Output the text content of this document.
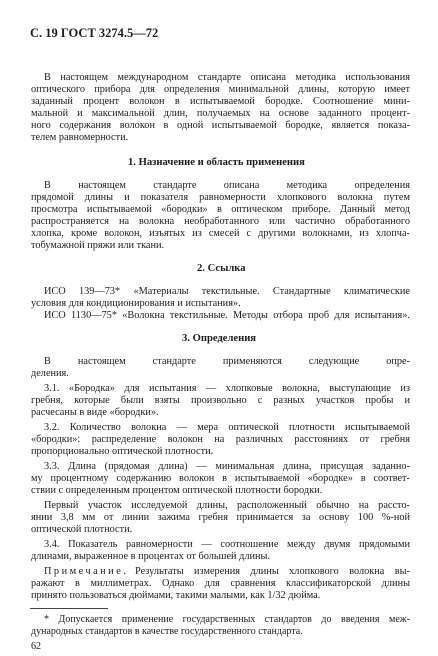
С. 19 ГОСТ 3274.5—72

В настоящем международном стандарте описана методика использования

оптического прибора для определения минимальной длины, которую имеет

заданный процент волокон в испытываемой бородке. Соотношение мини-

мальной и максимальной длин, получаемых на основе заданного процент-

ного содержания волокон в одной испытываемой бородке, является показа-

телем равномерности.

1. Назначение и область применения

В настоящем стандарте описана методика определения

прядомой длины и показателя равномерности хлопкового волокна путем

просмотра испытываемой «бородки» в оптическом приборе. Данный метод

распространяется на волокна необработанного или частично обработанного

хлопка, кроме волокон, изъятых из смесей с другими волокнами, из хлопча-

тобумажной пряжи или ткани.

2. Ссылка

ИСО 139—73* «Материалы текстильные. Стандартные климатические

условия для кондиционирования и испытания».

ИСО 1130—75* «Волокна текстильные. Методы отбора проб для испытания».

3. Определения

В настоящем стандарте применяются следующие опре-

деления.

3.1. «Бородка» для испытания — хлопковые волокна, выступающие из

гребня, которые были взяты произвольно с разных участков пробы и

расчесаны в виде «бородки».

3.2. Количество волокна — мера оптической плотности испытываемой

«бородки»: распределение волокон на различных расстояниях от гребня

пропорционально оптической плотности.

3.3. Длина (прядомая длина) — минимальная длина, присущая заданно-

му процентному содержанию волокон в испытываемой «бородке» в соответ-

ствии с определенным процентом оптической плотности бородки.

Первый участок исследуемой длины, расположенный обычно на рассто-

янии 3,8 мм от линии зажима гребня принимается за основу 100 %-ной

оптической плотности.

3.4. Показатель равномерности — соотношение между двумя прядомыми

длинами, выраженное в процентах от большей длины.

Примечание. Результаты измерения длины хлопкового волокна вы-

ражают в миллиметрах. Однако для сравнения классификаторской длины

принято пользоваться дюймами, такими малыми, как 1/32 дюйма.

* Допускается применение государственных стандартов до введения меж-

дународных стандартов в качестве государственного стандарта.

62
